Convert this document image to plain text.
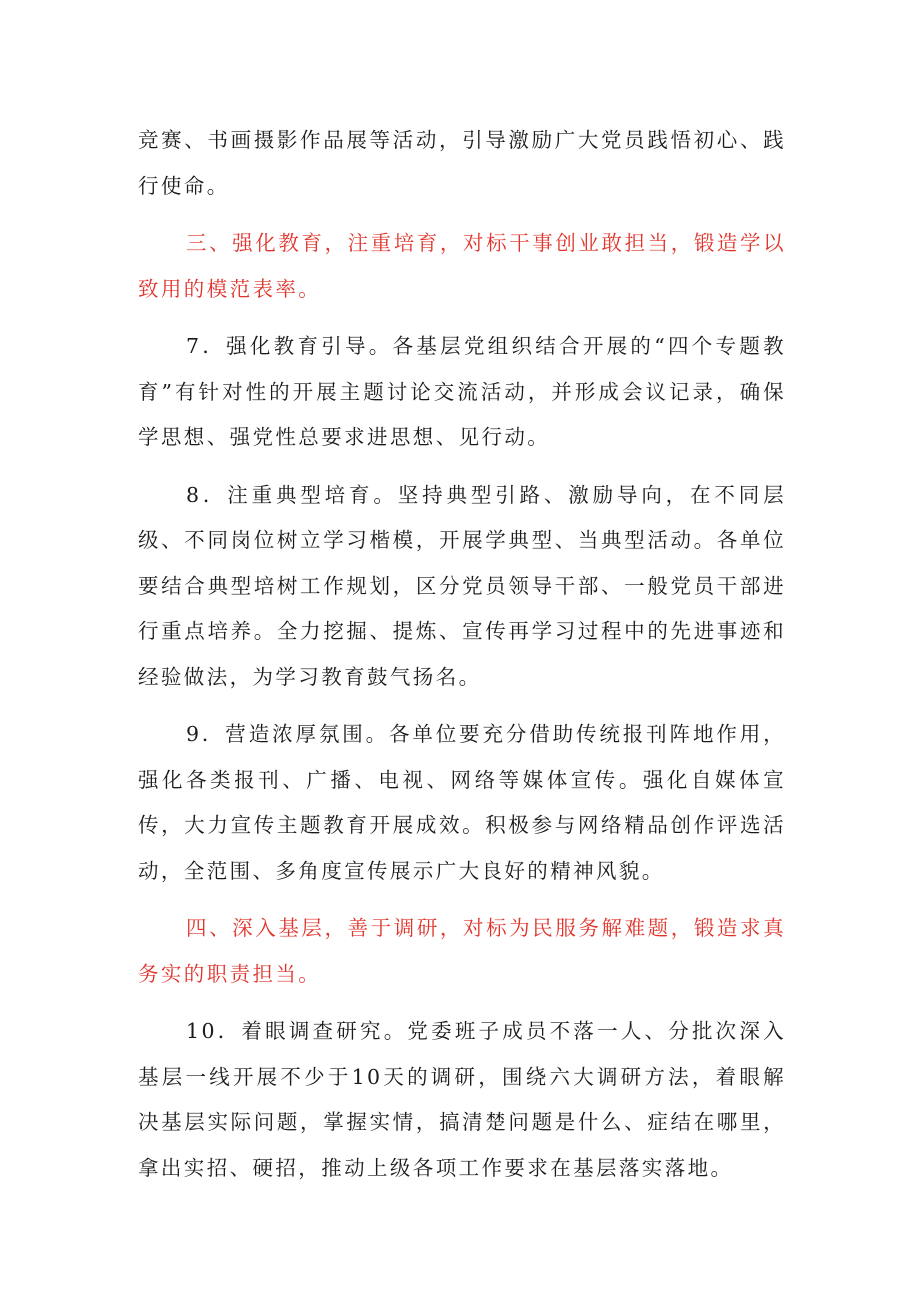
竞赛、书画摄影作品展等活动，引导激励广大党员践悟初心、践行使命。

三、强化教育，注重培育，对标干事创业敢担当，锻造学以致用的模范表率。

7．强化教育引导。各基层党组织结合开展的“四个专题教育”有针对性的开展主题讨论交流活动，并形成会议记录，确保学思想、强党性总要求进思想、见行动。

8．注重典型培育。坚持典型引路、激励导向，在不同层级、不同岗位树立学习楷模，开展学典型、当典型活动。各单位要结合典型培树工作规划，区分党员领导干部、一般党员干部进行重点培养。全力挖掘、提炼、宣传再学习过程中的先进事迹和经验做法，为学习教育鼓气扬名。

9．营造浓厚氛围。各单位要充分借助传统报刊阵地作用，强化各类报刊、广播、电视、网络等媒体宣传。强化自媒体宣传，大力宣传主题教育开展成效。积极参与网络精品创作评选活动，全范围、多角度宣传展示广大良好的精神风貌。

四、深入基层，善于调研，对标为民服务解难题，锻造求真务实的职责担当。

10．着眼调查研究。党委班子成员不落一人、分批次深入基层一线开展不少于10天的调研，围绕六大调研方法，着眼解决基层实际问题，掌握实情，搞清楚问题是什么、症结在哪里，拿出实招、硬招，推动上级各项工作要求在基层落实落地。
